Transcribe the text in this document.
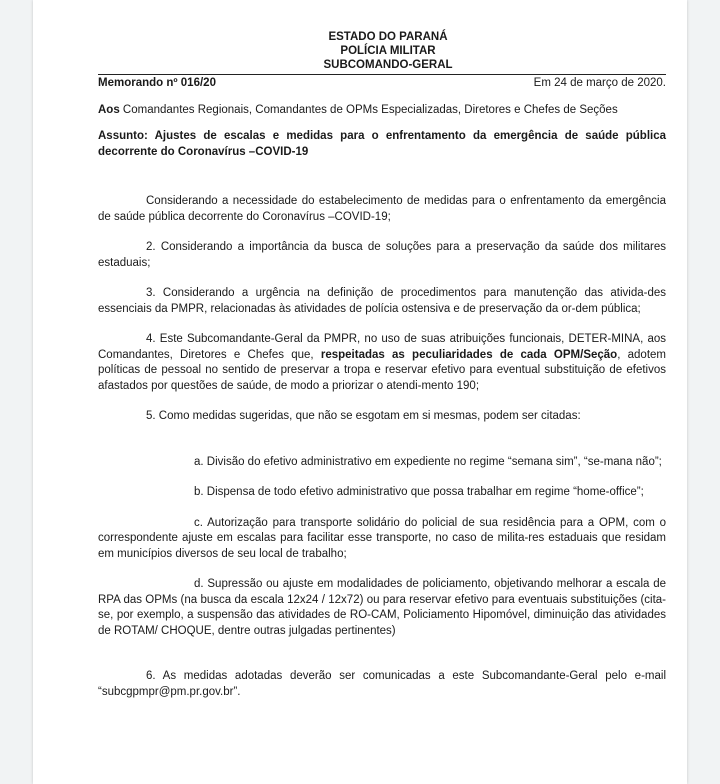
ESTADO DO PARANÁ
POLÍCIA MILITAR
SUBCOMANDO-GERAL
Memorando nº 016/20	Em 24 de março de 2020.

Aos Comandantes Regionais, Comandantes de OPMs Especializadas, Diretores e Chefes de Seções

Assunto: Ajustes de escalas e medidas para o enfrentamento da emergência de saúde pública decorrente do Coronavírus –COVID-19

Considerando a necessidade do estabelecimento de medidas para o enfrentamento da emergência de saúde pública decorrente do Coronavírus –COVID-19;

2. Considerando a importância da busca de soluções para a preservação da saúde dos militares estaduais;

3. Considerando a urgência na definição de procedimentos para manutenção das ativida-des essenciais da PMPR, relacionadas às atividades de polícia ostensiva e de preservação da or-dem pública;

4. Este Subcomandante-Geral da PMPR, no uso de suas atribuições funcionais, DETER-MINA, aos Comandantes, Diretores e Chefes que, respeitadas as peculiaridades de cada OPM/Seção, adotem políticas de pessoal no sentido de preservar a tropa e reservar efetivo para eventual substituição de efetivos afastados por questões de saúde, de modo a priorizar o atendi-mento 190;

5. Como medidas sugeridas, que não se esgotam em si mesmas, podem ser citadas:

a. Divisão do efetivo administrativo em expediente no regime “semana sim”, “se-mana não”;

b. Dispensa de todo efetivo administrativo que possa trabalhar em regime “home-office”;

c. Autorização para transporte solidário do policial de sua residência para a OPM, com o correspondente ajuste em escalas para facilitar esse transporte, no caso de milita-res estaduais que residam em municípios diversos de seu local de trabalho;

d. Supressão ou ajuste em modalidades de policiamento, objetivando melhorar a escala de RPA das OPMs (na busca da escala 12x24 / 12x72) ou para reservar efetivo para eventuais substituições (cita-se, por exemplo, a suspensão das atividades de RO-CAM, Policiamento Hipomóvel, diminuição das atividades de ROTAM/ CHOQUE, dentre outras julgadas pertinentes)

6. As medidas adotadas deverão ser comunicadas a este Subcomandante-Geral pelo e-mail “subcgpmpr@pm.pr.gov.br”.
